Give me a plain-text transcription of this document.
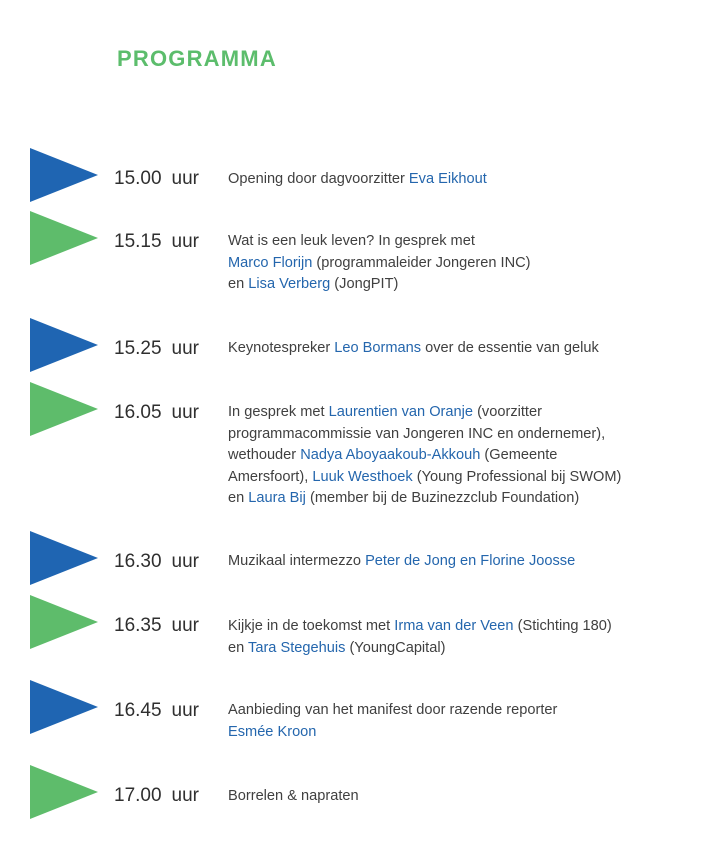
PROGRAMMA
15.00 uur Opening door dagvoorzitter Eva Eikhout
15.15 uur Wat is een leuk leven? In gesprek met
Marco Florijn (programmaleider Jongeren INC)
en Lisa Verberg (JongPIT)
15.25 uur Keynotespreker Leo Bormans over de essentie van geluk
16.05 uur In gesprek met Laurentien van Oranje (voorzitter
programmacommissie van Jongeren INC en ondernemer),
wethouder Nadya Aboyaakoub-Akkouh (Gemeente
Amersfoort), Luuk Westhoek (Young Professional bij SWOM)
en Laura Bij (member bij de Buzinezzclub Foundation)
16.30 uur Muzikaal intermezzo Peter de Jong en Florine Joosse
16.35 uur Kijkje in de toekomst met Irma van der Veen (Stichting 180)
en Tara Stegehuis (YoungCapital)
16.45 uur Aanbieding van het manifest door razende reporter
Esmée Kroon
17.00 uur Borrelen & napraten
